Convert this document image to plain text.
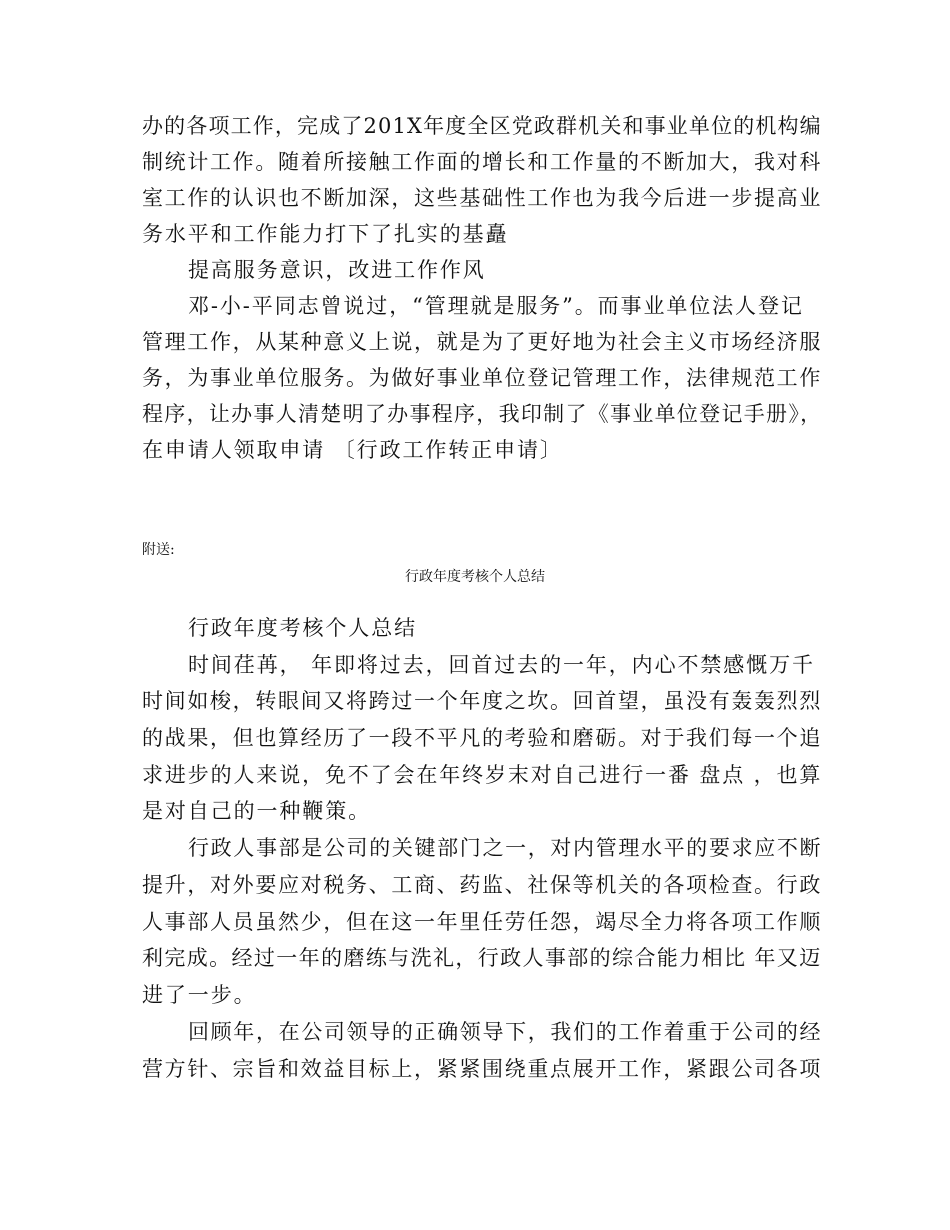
办的各项工作，完成了201X年度全区党政群机关和事业单位的机构编
制统计工作。随着所接触工作面的增长和工作量的不断加大，我对科
室工作的认识也不断加深，这些基础性工作也为我今后进一步提高业
务水平和工作能力打下了扎实的基矗
提高服务意识，改进工作作风
邓-小-平同志曾说过，“管理就是服务”。而事业单位法人登记
管理工作，从某种意义上说，就是为了更好地为社会主义市场经济服
务，为事业单位服务。为做好事业单位登记管理工作，法律规范工作
程序，让办事人清楚明了办事程序，我印制了《事业单位登记手册》，
在申请人领取申请 〔行政工作转正申请〕
附送:
行政年度考核个人总结
行政年度考核个人总结
时间荏苒， 年即将过去，回首过去的一年，内心不禁感慨万千
时间如梭，转眼间又将跨过一个年度之坎。回首望，虽没有轰轰烈烈
的战果，但也算经历了一段不平凡的考验和磨砺。对于我们每一个追
求进步的人来说，免不了会在年终岁末对自己进行一番 盘点 ，也算
是对自己的一种鞭策。
行政人事部是公司的关键部门之一，对内管理水平的要求应不断
提升，对外要应对税务、工商、药监、社保等机关的各项检查。行政
人事部人员虽然少，但在这一年里任劳任怨，竭尽全力将各项工作顺
利完成。经过一年的磨练与洗礼，行政人事部的综合能力相比 年又迈
进了一步。
回顾年，在公司领导的正确领导下，我们的工作着重于公司的经
营方针、宗旨和效益目标上，紧紧围绕重点展开工作，紧跟公司各项
